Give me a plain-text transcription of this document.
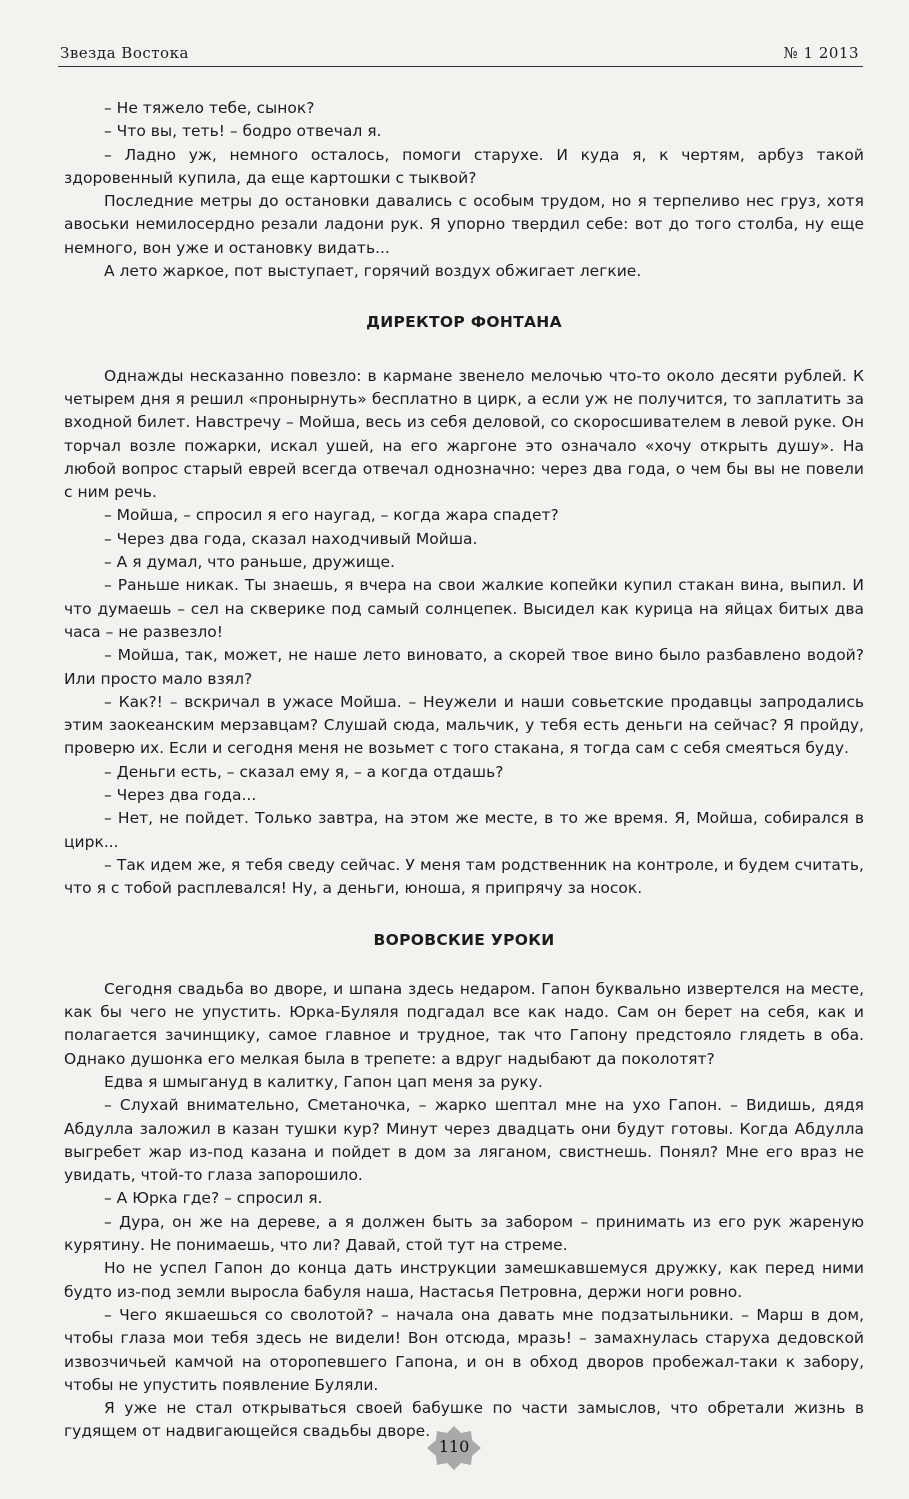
Звезда Востока	№ 1 2013

– Не тяжело тебе, сынок?

– Что вы, теть! – бодро отвечал я.

– Ладно уж, немного осталось, помоги старухе. И куда я, к чертям, арбуз такой здоровенный купила, да еще картошки с тыквой?

Последние метры до остановки давались с особым трудом, но я терпеливо нес груз, хотя авоськи немилосердно резали ладони рук. Я упорно твердил себе: вот до того столба, ну еще немного, вон уже и остановку видать...

А лето жаркое, пот выступает, горячий воздух обжигает легкие.

ДИРЕКТОР ФОНТАНА

Однажды несказанно повезло: в кармане звенело мелочью что-то около десяти рублей. К четырем дня я решил «пронырнуть» бесплатно в цирк, а если уж не получится, то заплатить за входной билет. Навстречу – Мойша, весь из себя деловой, со скоросшивателем в левой руке. Он торчал возле пожарки, искал ушей, на его жаргоне это означало «хочу открыть душу». На любой вопрос старый еврей всегда отвечал однозначно: через два года, о чем бы вы не повели с ним речь.

– Мойша, – спросил я его наугад, – когда жара спадет?

– Через два года, сказал находчивый Мойша.

– А я думал, что раньше, дружище.

– Раньше никак. Ты знаешь, я вчера на свои жалкие копейки купил стакан вина, выпил. И что думаешь – сел на скверике под самый солнцепек. Высидел как курица на яйцах битых два часа – не развезло!

– Мойша, так, может, не наше лето виновато, а скорей твое вино было разбавлено водой? Или просто мало взял?

– Как?! – вскричал в ужасе Мойша. – Неужели и наши совьетские продавцы запродались этим заокеанским мерзавцам? Слушай сюда, мальчик, у тебя есть деньги на сейчас? Я пройду, проверю их. Если и сегодня меня не возьмет с того стакана, я тогда сам с себя смеяться буду.

– Деньги есть, – сказал ему я, – а когда отдашь?

– Через два года...

– Нет, не пойдет. Только завтра, на этом же месте, в то же время. Я, Мойша, собирался в цирк...

– Так идем же, я тебя сведу сейчас. У меня там родственник на контроле, и будем считать, что я с тобой расплевался! Ну, а деньги, юноша, я припрячу за носок.

ВОРОВСКИЕ УРОКИ

Сегодня свадьба во дворе, и шпана здесь недаром. Гапон буквально извертелся на месте, как бы чего не упустить. Юрка-Буляля подгадал все как надо. Сам он берет на себя, как и полагается зачинщику, самое главное и трудное, так что Гапону предстояло глядеть в оба. Однако душонка его мелкая была в трепете: а вдруг надыбают да поколотят?

Едва я шмыгануд в калитку, Гапон цап меня за руку.

– Слухай внимательно, Сметаночка, – жарко шептал мне на ухо Гапон. – Видишь, дядя Абдулла заложил в казан тушки кур? Минут через двадцать они будут готовы. Когда Абдулла выгребет жар из-под казана и пойдет в дом за ляганом, свистнешь. Понял? Мне его враз не увидать, чтой-то глаза запорошило.

– А Юрка где? – спросил я.

– Дура, он же на дереве, а я должен быть за забором – принимать из его рук жареную курятину. Не понимаешь, что ли? Давай, стой тут на стреме.

Но не успел Гапон до конца дать инструкции замешкавшемуся дружку, как перед ними будто из-под земли выросла бабуля наша, Настасья Петровна, держи ноги ровно.

– Чего якшаешься со сволотой? – начала она давать мне подзатыльники. – Марш в дом, чтобы глаза мои тебя здесь не видели! Вон отсюда, мразь! – замахнулась старуха дедовской извозчичьей камчой на оторопевшего Гапона, и он в обход дворов пробежал-таки к забору, чтобы не упустить появление Буляли.

Я уже не стал открываться своей бабушке по части замыслов, что обретали жизнь в гудящем от надвигающейся свадьбы дворе.

110
